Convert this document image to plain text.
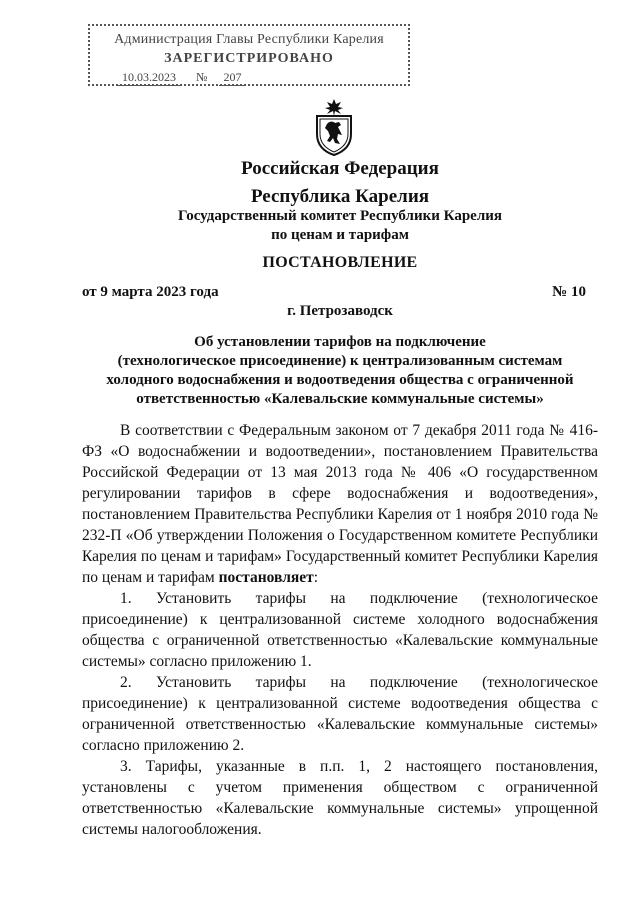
Администрация Главы Республики Карелия
ЗАРЕГИСТРИРОВАНО
10.03.2023 № 207
Российская Федерация
Республика Карелия
Государственный комитет Республики Карелия
по ценам и тарифам
ПОСТАНОВЛЕНИЕ
от 9 марта 2023 года	№ 10
г. Петрозаводск
Об установлении тарифов на подключение
(технологическое присоединение) к централизованным системам
холодного водоснабжения и водоотведения общества с ограниченной
ответственностью «Калевальские коммунальные системы»

В соответствии с Федеральным законом от 7 декабря 2011 года № 416-ФЗ «О водоснабжении и водоотведении», постановлением Правительства Российской Федерации от 13 мая 2013 года № 406 «О государственном регулировании тарифов в сфере водоснабжения и водоотведения», постановлением Правительства Республики Карелия от 1 ноября 2010 года № 232-П «Об утверждении Положения о Государственном комитете Республики Карелия по ценам и тарифам» Государственный комитет Республики Карелия по ценам и тарифам постановляет:

1. Установить тарифы на подключение (технологическое присоединение) к централизованной системе холодного водоснабжения общества с ограниченной ответственностью «Калевальские коммунальные системы» согласно приложению 1.

2. Установить тарифы на подключение (технологическое присоединение) к централизованной системе водоотведения общества с ограниченной ответственностью «Калевальские коммунальные системы» согласно приложению 2.

3. Тарифы, указанные в п.п. 1, 2 настоящего постановления, установлены с учетом применения обществом с ограниченной ответственностью «Калевальские коммунальные системы» упрощенной системы налогообложения.
